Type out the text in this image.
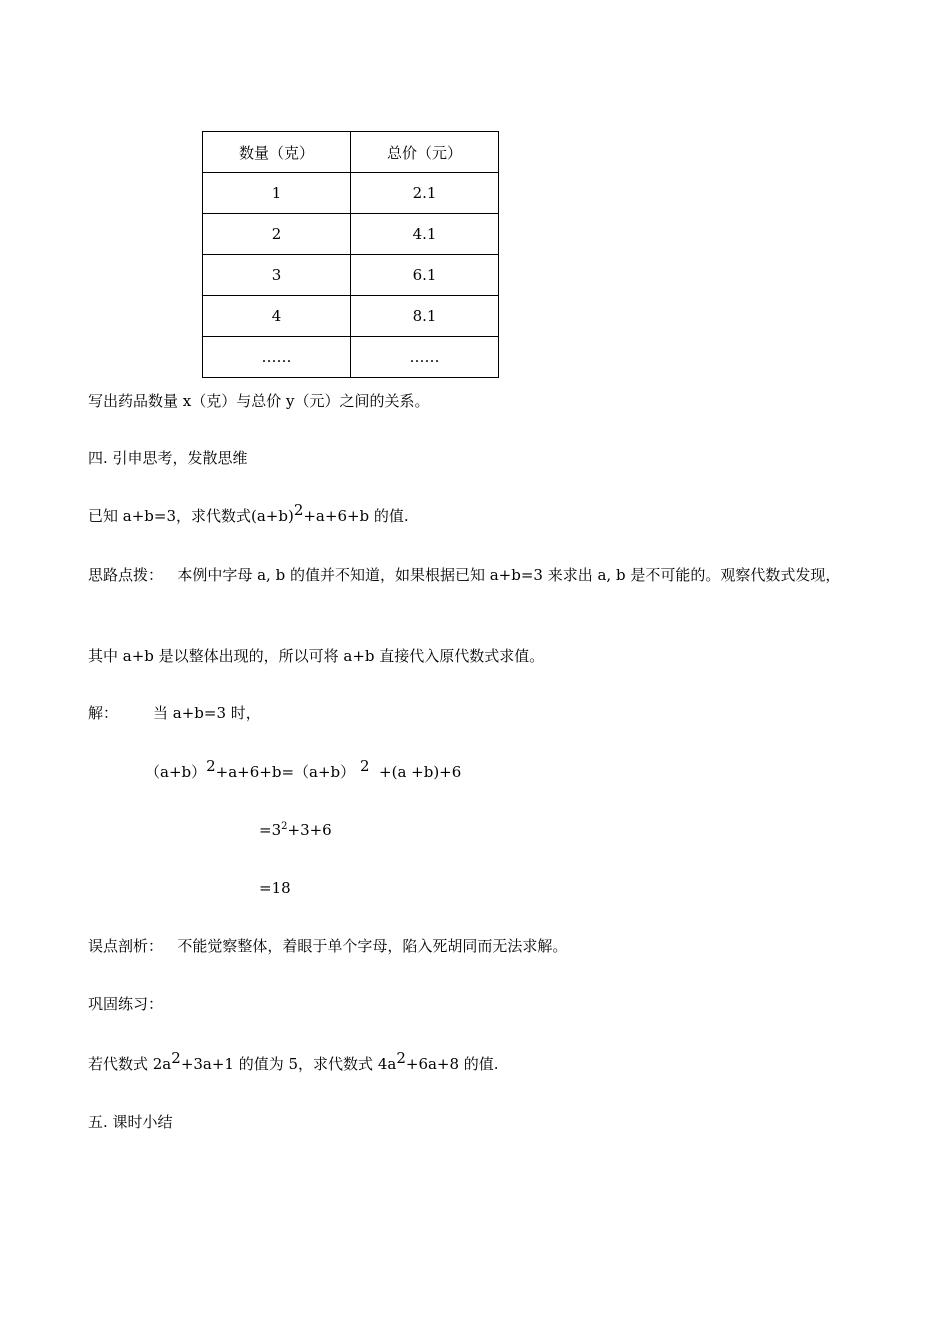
数量（克）	总价（元）
1	2.1
2	4.1
3	6.1
4	8.1
……	……
写出药品数量 x（克）与总价 y（元）之间的关系。
四. 引申思考，发散思维
已知 a+b=3，求代数式(a+b)2+a+6+b 的值.
思路点拨： 本例中字母 a, b 的值并不知道，如果根据已知 a+b=3 来求出 a, b 是不可能的。观察代数式发现，
其中 a+b 是以整体出现的，所以可将 a+b 直接代入原代数式求值。
解： 当 a+b=3 时，
（a+b）2+a+6+b=（a+b） 2 +(a +b)+6
$=3^2+3+6$
=18
误点剖析： 不能觉察整体，着眼于单个字母，陷入死胡同而无法求解。
巩固练习：
若代数式 2a2+3a+1 的值为 5，求代数式 4a2+6a+8 的值.
五. 课时小结
